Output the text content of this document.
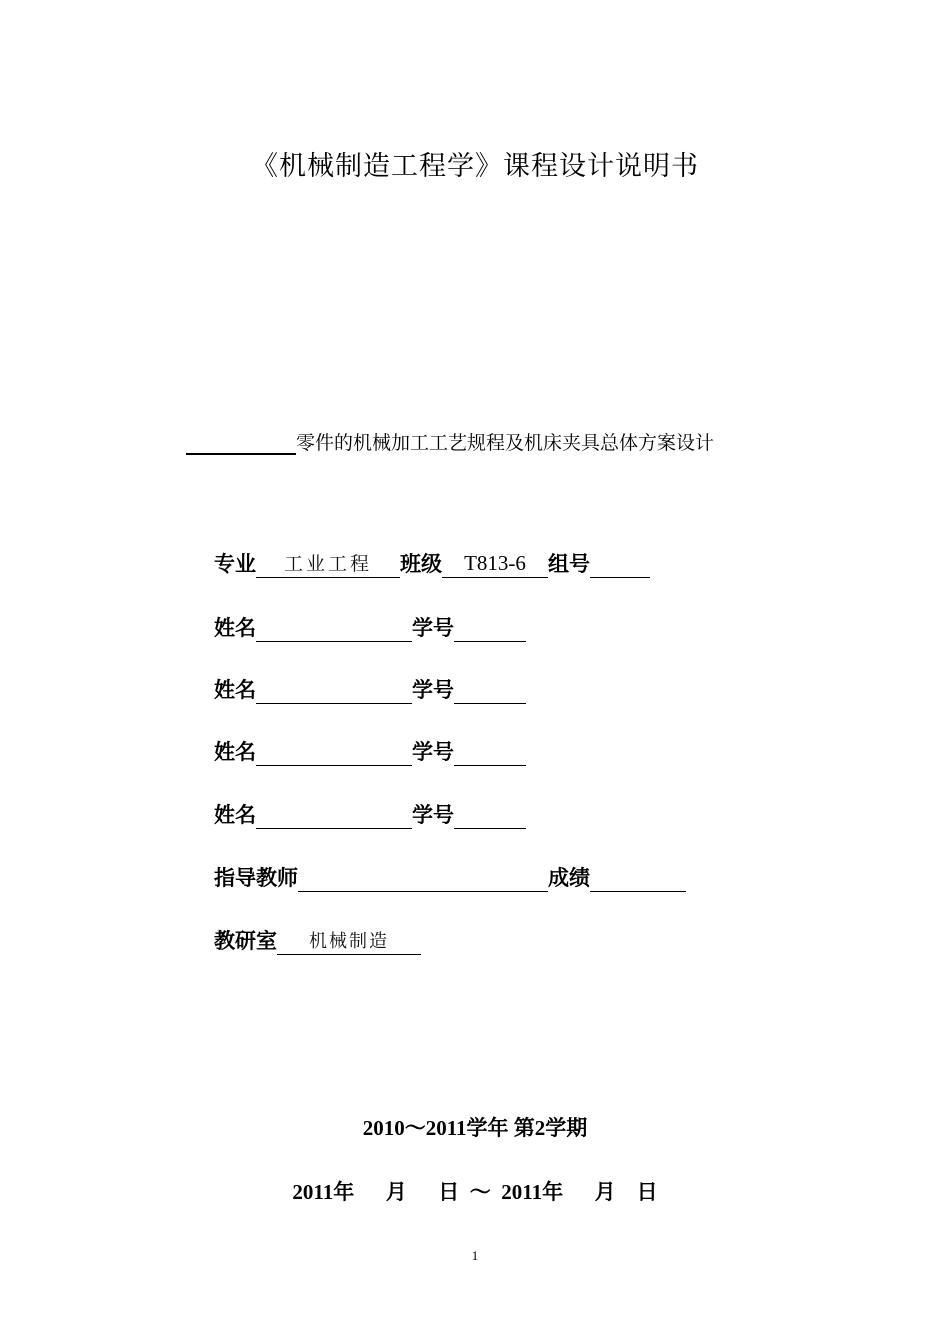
《机械制造工程学》课程设计说明书
零件的机械加工工艺规程及机床夹具总体方案设计
专业	工业工程	班级	T813-6	组号
姓名	学号
姓名	学号
姓名	学号
姓名	学号
指导教师	成绩
教研室	机械制造
2010～2011学年 第2学期
2011年 月 日 ～ 2011年 月 日
1
